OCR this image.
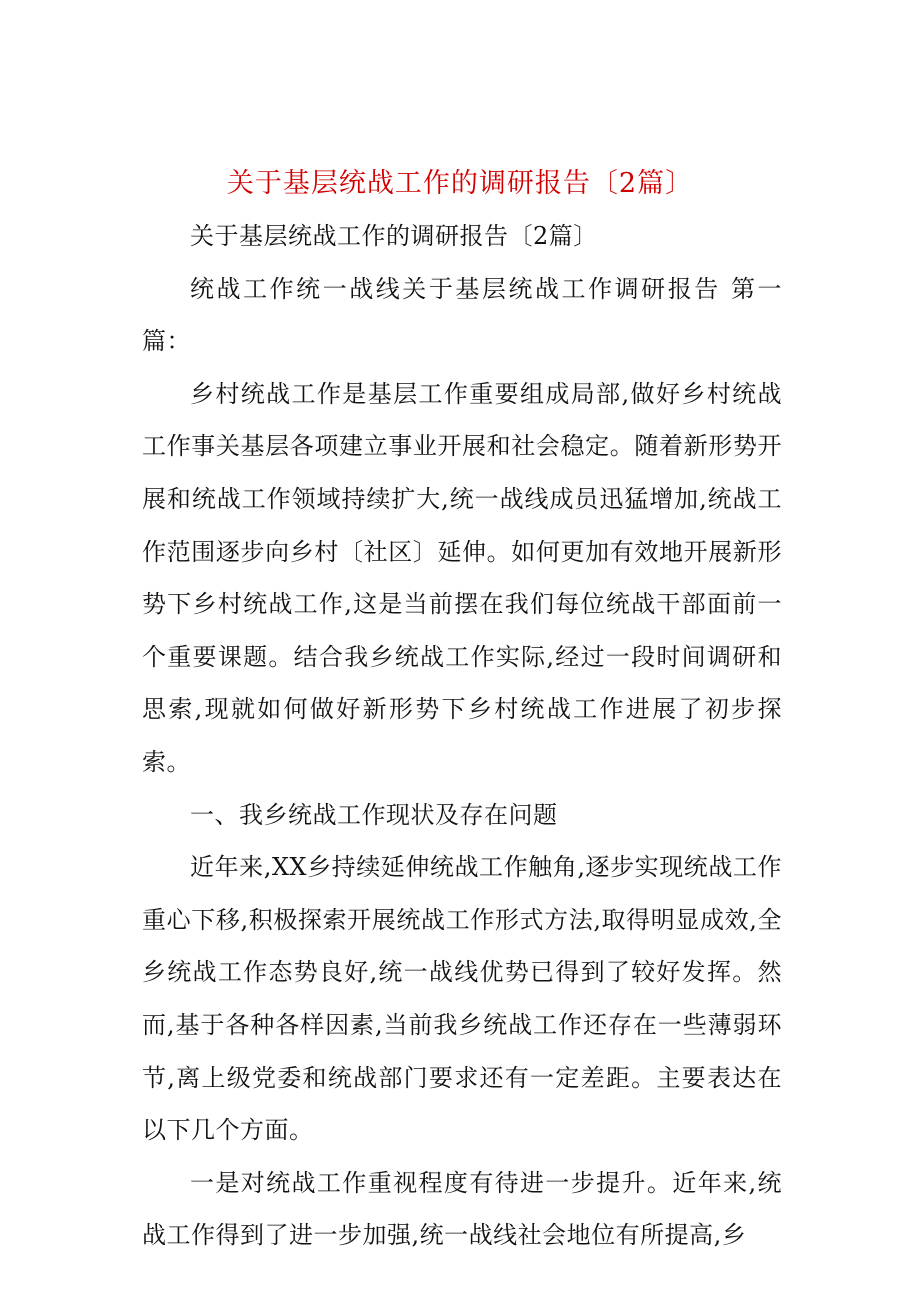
关于基层统战工作的调研报告〔2篇〕

关于基层统战工作的调研报告〔2篇〕

统战工作统一战线关于基层统战工作调研报告 第一篇：

乡村统战工作是基层工作重要组成局部,做好乡村统战工作事关基层各项建立事业开展和社会稳定。随着新形势开展和统战工作领域持续扩大,统一战线成员迅猛增加,统战工作范围逐步向乡村〔社区〕延伸。如何更加有效地开展新形势下乡村统战工作,这是当前摆在我们每位统战干部面前一个重要课题。结合我乡统战工作实际,经过一段时间调研和思索,现就如何做好新形势下乡村统战工作进展了初步探索。

一、我乡统战工作现状及存在问题

近年来,XX乡持续延伸统战工作触角,逐步实现统战工作重心下移,积极探索开展统战工作形式方法,取得明显成效,全乡统战工作态势良好,统一战线优势已得到了较好发挥。然而,基于各种各样因素,当前我乡统战工作还存在一些薄弱环节,离上级党委和统战部门要求还有一定差距。主要表达在以下几个方面。

一是对统战工作重视程度有待进一步提升。近年来,统战工作得到了进一步加强,统一战线社会地位有所提高,乡
